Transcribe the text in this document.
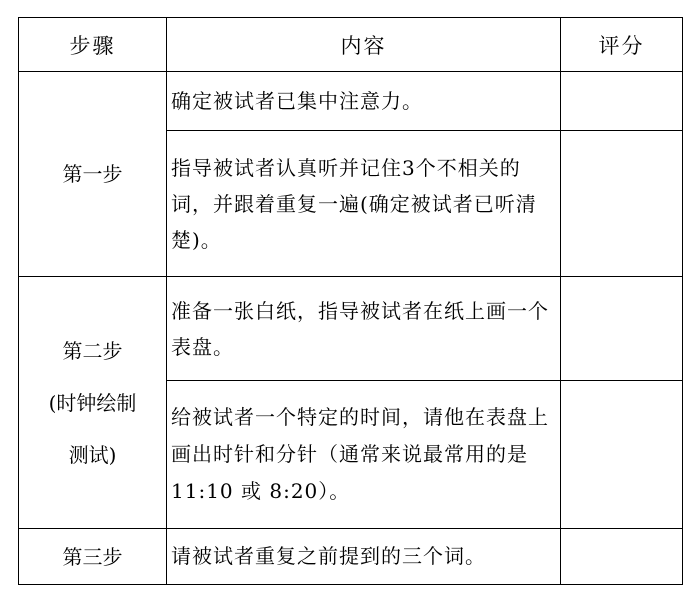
步骤	内容	评分
第一步	确定被试者已集中注意力。	
	指导被试者认真听并记住3个不相关的词，并跟着重复一遍(确定被试者已听清楚)。	

第二步
(时钟绘制
测试)	准备一张白纸，指导被试者在纸上画一个表盘。	
	给被试者一个特定的时间，请他在表盘上画出时针和分针（通常来说最常用的是 11:10 或 8:20）。	
第三步	请被试者重复之前提到的三个词。	
